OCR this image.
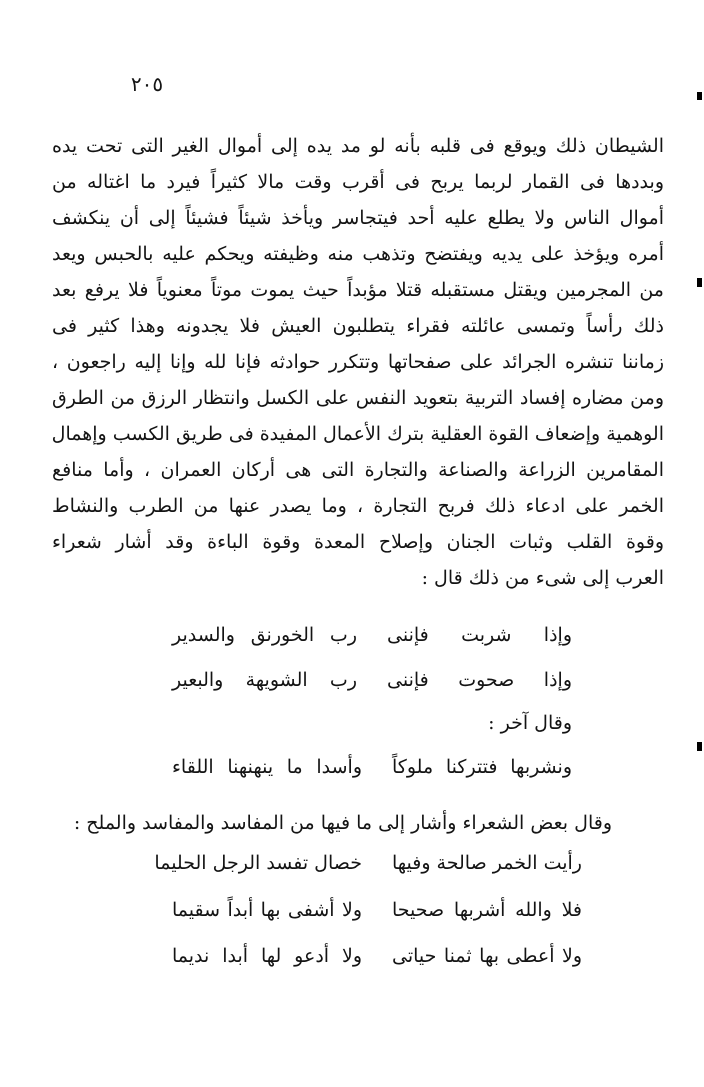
٢٠٥
الشيطان ذلك ويوقع فى قلبه بأنه لو مد يده إلى أموال الغير التى تحت يده
وبددها فى القمار لربما يربح فى أقرب وقت مالا كثيراً فيرد ما اغتاله من
أموال الناس ولا يطلع عليه أحد فيتجاسر ويأخذ شيئاً فشيئاً إلى أن ينكشف
أمره ويؤخذ على يديه ويفتضح وتذهب منه وظيفته ويحكم عليه بالحبس ويعد
من المجرمين ويقتل مستقبله قتلا مؤبداً حيث يموت موتاً معنوياً فلا يرفع بعد
ذلك رأساً وتمسى عائلته فقراء يتطلبون العيش فلا يجدونه وهذا كثير فى
زماننا تنشره الجرائد على صفحاتها وتتكرر حوادثه فإنا لله وإنا إليه راجعون ،
ومن مضاره إفساد التربية بتعويد النفس على الكسل وانتظار الرزق من الطرق
الوهمية وإضعاف القوة العقلية بترك الأعمال المفيدة فى طريق الكسب وإهمال
المقامرين الزراعة والصناعة والتجارة التى هى أركان العمران ، وأما منافع
الخمر على ادعاء ذلك فربح التجارة ، وما يصدر عنها من الطرب والنشاط
وقوة القلب وثبات الجنان وإصلاح المعدة وقوة الباءة وقد أشار شعراء
العرب إلى شىء من ذلك قال :
وإذا شربت فإننى
رب الخورنق والسدير
وإذا صحوت فإننى
رب الشويهة والبعير
وقال آخر :
ونشربها فتتركنا ملوكاً
وأسدا ما ينهنهنا اللقاء
وقال بعض الشعراء وأشار إلى ما فيها من المفاسد والمفاسد والملح :
رأيت الخمر صالحة وفيها
خصال تفسد الرجل الحليما
فلا والله أشربها صحيحا
ولا أشفى بها أبداً سقيما
ولا أعطى بها ثمنا حياتى
ولا أدعو لها أبدا نديما
